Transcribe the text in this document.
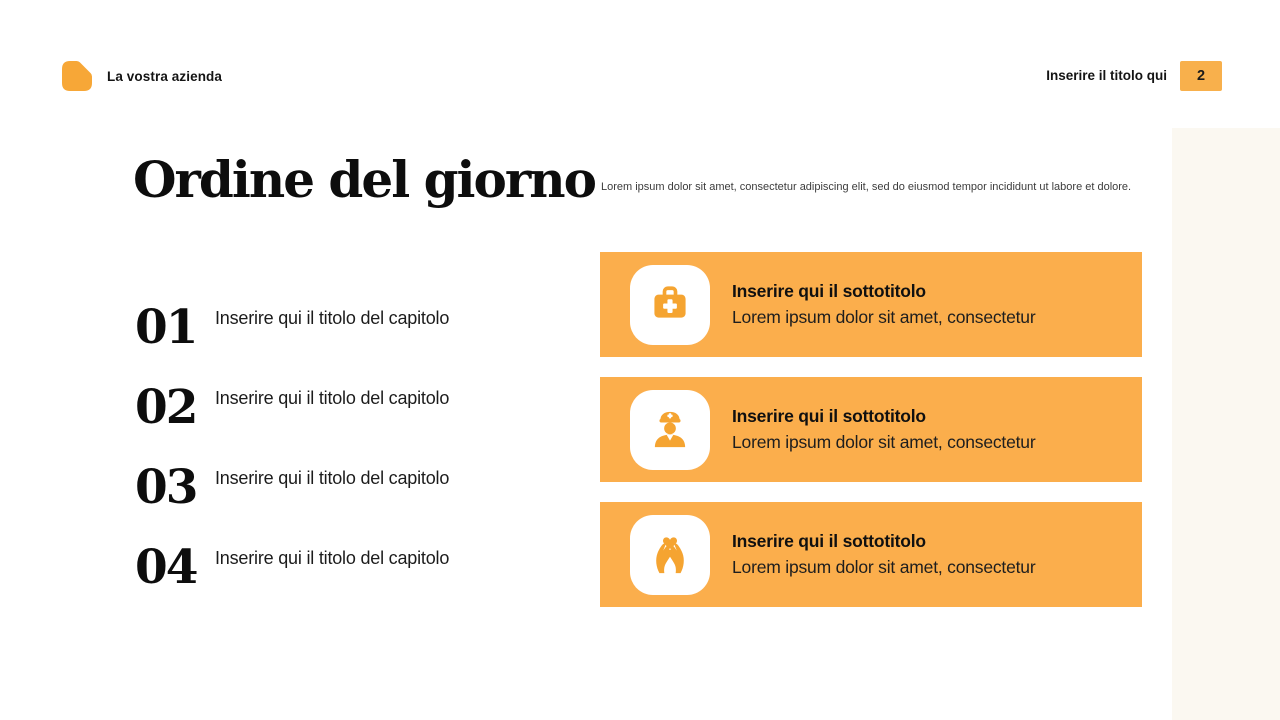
La vostra azienda	Inserire il titolo qui	2
Ordine del giorno Lorem ipsum dolor sit amet, consectetur adipiscing elit, sed do eiusmod tempor incididunt ut labore et dolore.

01	Inserire qui il titolo del capitolo
02	Inserire qui il titolo del capitolo
03	Inserire qui il titolo del capitolo
04	Inserire qui il titolo del capitolo

Inserire qui il sottotitolo

Lorem ipsum dolor sit amet, consectetur

Inserire qui il sottotitolo

Lorem ipsum dolor sit amet, consectetur

Inserire qui il sottotitolo

Lorem ipsum dolor sit amet, consectetur
